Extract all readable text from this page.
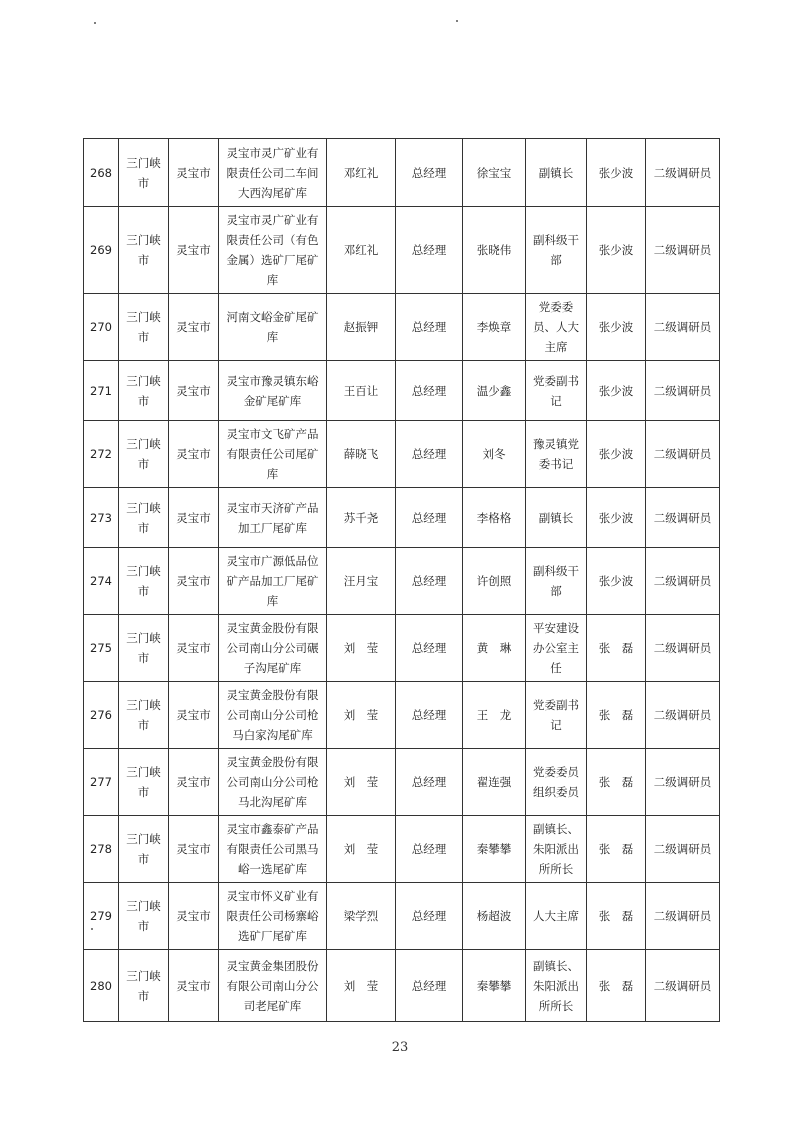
268	三门峡市	灵宝市	灵宝市灵广矿业有限责任公司二车间大西沟尾矿库	邓红礼	总经理	徐宝宝	副镇长	张少波	二级调研员
269	三门峡市	灵宝市	灵宝市灵广矿业有限责任公司（有色金属）选矿厂尾矿库	邓红礼	总经理	张晓伟	副科级干部	张少波	二级调研员
270	三门峡市	灵宝市	河南文峪金矿尾矿库	赵振钾	总经理	李焕章	党委委员、人大主席	张少波	二级调研员
271	三门峡市	灵宝市	灵宝市豫灵镇东峪金矿尾矿库	王百让	总经理	温少鑫	党委副书记	张少波	二级调研员
272	三门峡市	灵宝市	灵宝市文飞矿产品有限责任公司尾矿库	薛晓飞	总经理	刘冬	豫灵镇党委书记	张少波	二级调研员
273	三门峡市	灵宝市	灵宝市天济矿产品加工厂尾矿库	苏千尧	总经理	李格格	副镇长	张少波	二级调研员
274	三门峡市	灵宝市	灵宝市广源低品位矿产品加工厂尾矿库	汪月宝	总经理	许创照	副科级干部	张少波	二级调研员
275	三门峡市	灵宝市	灵宝黄金股份有限公司南山分公司碾子沟尾矿库	刘　莹	总经理	黄　琳	平安建设办公室主任	张　磊	二级调研员
276	三门峡市	灵宝市	灵宝黄金股份有限公司南山分公司枪马白家沟尾矿库	刘　莹	总经理	王　龙	党委副书记	张　磊	二级调研员
277	三门峡市	灵宝市	灵宝黄金股份有限公司南山分公司枪马北沟尾矿库	刘　莹	总经理	翟连强	党委委员组织委员	张　磊	二级调研员
278	三门峡市	灵宝市	灵宝市鑫泰矿产品有限责任公司黑马峪一选尾矿库	刘　莹	总经理	秦攀攀	副镇长、朱阳派出所所长	张　磊	二级调研员
279	三门峡市	灵宝市	灵宝市怀义矿业有限责任公司杨寨峪选矿厂尾矿库	梁学烈	总经理	杨超波	人大主席	张　磊	二级调研员
280	三门峡市	灵宝市	灵宝黄金集团股份有限公司南山分公司老尾矿库	刘　莹	总经理	秦攀攀	副镇长、朱阳派出所所长	张　磊	二级调研员
23
